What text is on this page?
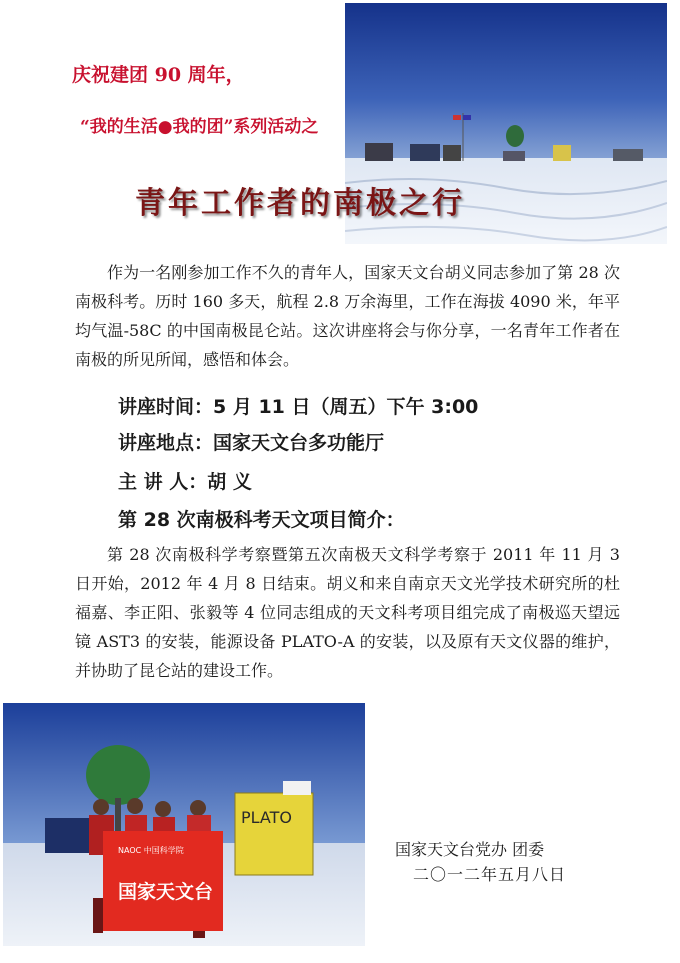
庆祝建团 90 周年，
“我的生活●我的团”系列活动之
青年工作者的南极之行

作为一名刚参加工作不久的青年人，国家天文台胡义同志参加了第 28 次南极科考。历时 160 多天，航程 2.8 万余海里，工作在海拔 4090 米，年平均气温-58C 的中国南极昆仑站。这次讲座将会与你分享，一名青年工作者在南极的所见所闻，感悟和体会。

讲座时间：5 月 11 日（周五）下午 3:00
讲座地点：国家天文台多功能厅
主 讲 人：胡 义
第 28 次南极科考天文项目简介：

第 28 次南极科学考察暨第五次南极天文科学考察于 2011 年 11 月 3 日开始，2012 年 4 月 8 日结束。胡义和来自南京天文光学技术研究所的杜福嘉、李正阳、张毅等 4 位同志组成的天文科考项目组完成了南极巡天望远镜 AST3 的安装，能源设备 PLATO-A 的安装，以及原有天文仪器的维护，并协助了昆仑站的建设工作。

PLATO
NAOC 中国科学院
国家天文台
国家天文台党办 团委
二〇一二年五月八日
